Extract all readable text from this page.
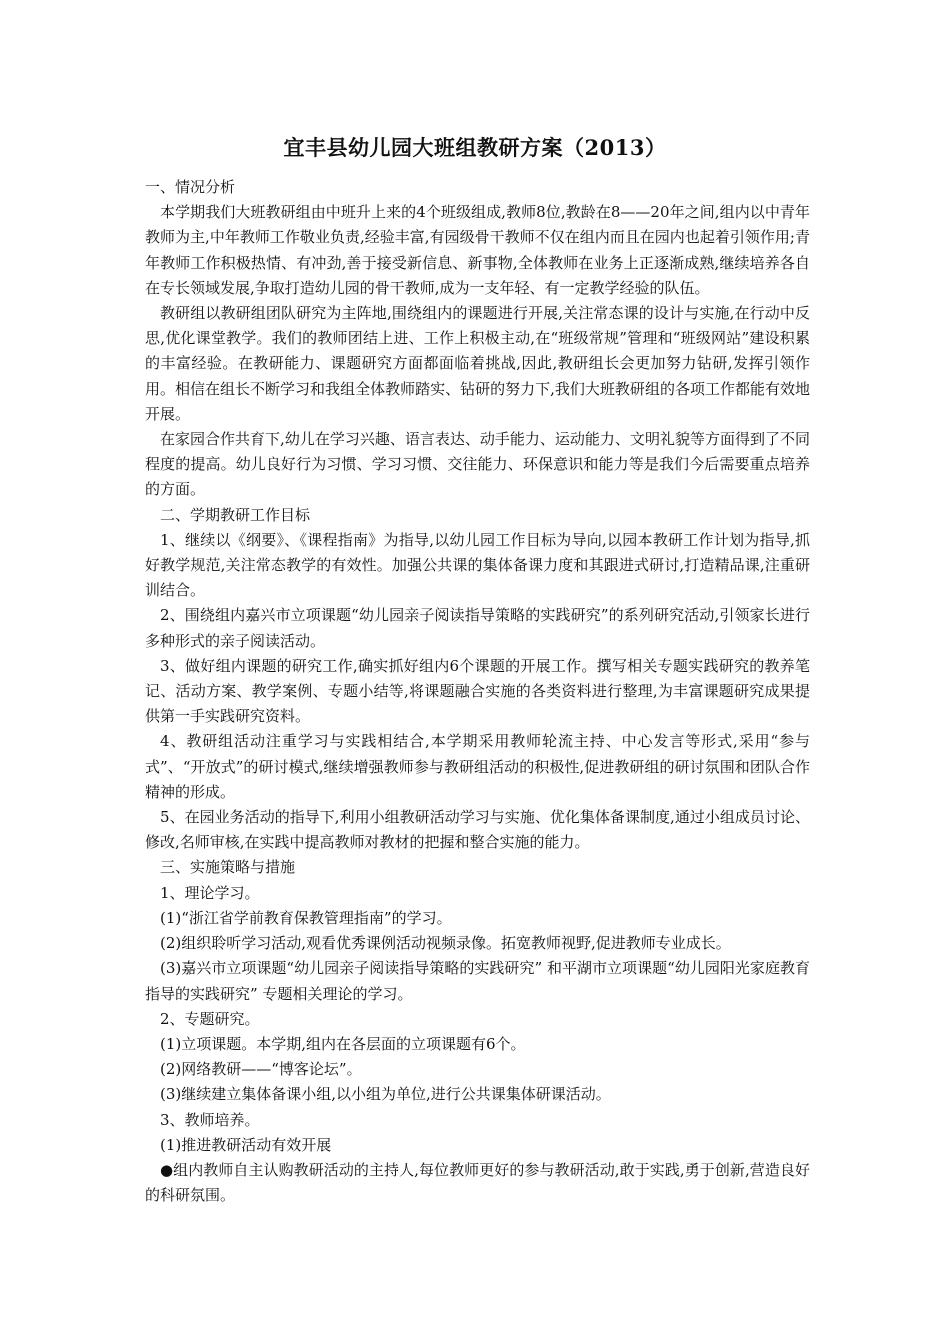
宜丰县幼儿园大班组教研方案（2013）

一、情况分析

本学期我们大班教研组由中班升上来的4个班级组成,教师8位,教龄在8——20年之间,组内以中青年教师为主,中年教师工作敬业负责,经验丰富,有园级骨干教师不仅在组内而且在园内也起着引领作用;青年教师工作积极热情、有冲劲,善于接受新信息、新事物,全体教师在业务上正逐渐成熟,继续培养各自在专长领域发展,争取打造幼儿园的骨干教师,成为一支年轻、有一定教学经验的队伍。

教研组以教研组团队研究为主阵地,围绕组内的课题进行开展,关注常态课的设计与实施,在行动中反思,优化课堂教学。我们的教师团结上进、工作上积极主动,在“班级常规”管理和“班级网站”建设积累的丰富经验。在教研能力、课题研究方面都面临着挑战,因此,教研组长会更加努力钻研,发挥引领作用。相信在组长不断学习和我组全体教师踏实、钻研的努力下,我们大班教研组的各项工作都能有效地开展。

在家园合作共育下,幼儿在学习兴趣、语言表达、动手能力、运动能力、文明礼貌等方面得到了不同程度的提高。幼儿良好行为习惯、学习习惯、交往能力、环保意识和能力等是我们今后需要重点培养的方面。

二、学期教研工作目标

1、继续以《纲要》、《课程指南》为指导,以幼儿园工作目标为导向,以园本教研工作计划为指导,抓好教学规范,关注常态教学的有效性。加强公共课的集体备课力度和其跟进式研讨,打造精品课,注重研训结合。

2、围绕组内嘉兴市立项课题“幼儿园亲子阅读指导策略的实践研究”的系列研究活动,引领家长进行多种形式的亲子阅读活动。

3、做好组内课题的研究工作,确实抓好组内6个课题的开展工作。撰写相关专题实践研究的教养笔记、活动方案、教学案例、专题小结等,将课题融合实施的各类资料进行整理,为丰富课题研究成果提供第一手实践研究资料。

4、教研组活动注重学习与实践相结合,本学期采用教师轮流主持、中心发言等形式,采用“参与式”、“开放式”的研讨模式,继续增强教师参与教研组活动的积极性,促进教研组的研讨氛围和团队合作精神的形成。

5、在园业务活动的指导下,利用小组教研活动学习与实施、优化集体备课制度,通过小组成员讨论、修改,名师审核,在实践中提高教师对教材的把握和整合实施的能力。

三、实施策略与措施

1、理论学习。

(1)“浙江省学前教育保教管理指南”的学习。

(2)组织聆听学习活动,观看优秀课例活动视频录像。拓宽教师视野,促进教师专业成长。

(3)嘉兴市立项课题“幼儿园亲子阅读指导策略的实践研究” 和平湖市立项课题“幼儿园阳光家庭教育指导的实践研究” 专题相关理论的学习。

2、专题研究。

(1)立项课题。本学期,组内在各层面的立项课题有6个。

(2)网络教研——“博客论坛”。

(3)继续建立集体备课小组,以小组为单位,进行公共课集体研课活动。

3、教师培养。

(1)推进教研活动有效开展

●组内教师自主认购教研活动的主持人,每位教师更好的参与教研活动,敢于实践,勇于创新,营造良好的科研氛围。
